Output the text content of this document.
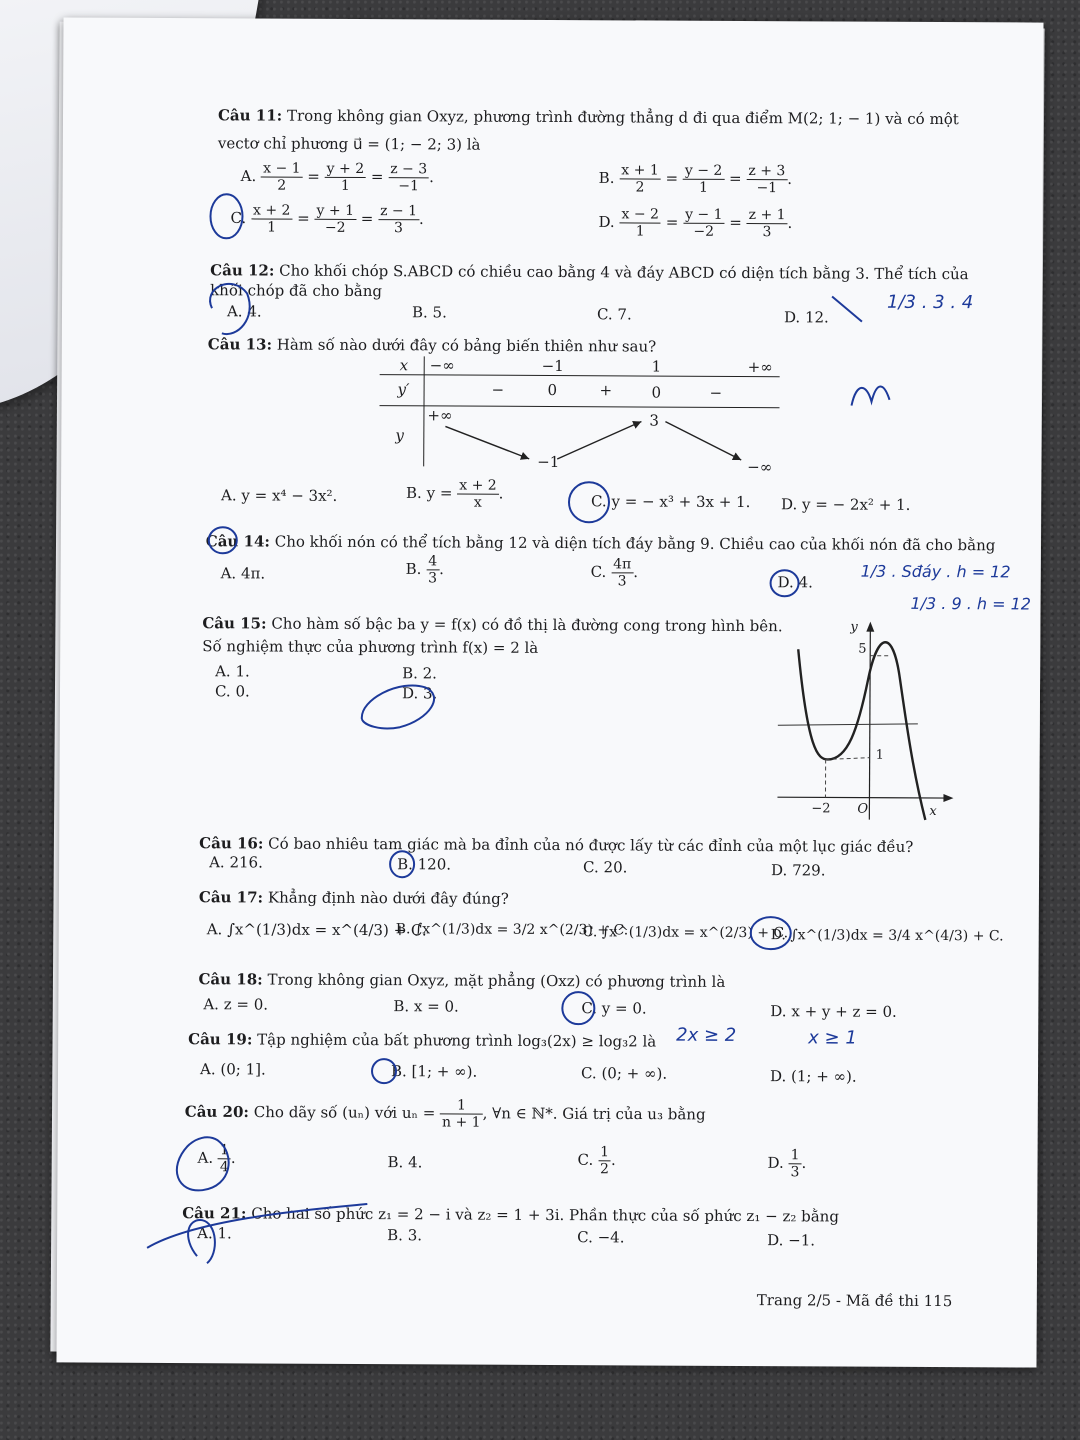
Câu 11: Trong không gian Oxyz, phương trình đường thẳng d đi qua điểm M(2; 1; − 1) và có một
vectơ chỉ phương u⃗ = (1; − 2; 3) là
A. $\frac{x - 1}{2} = \frac{y + 2}{1} = \frac{z - 3}{-1}$ .	B. $\frac{x + 1}{2} = \frac{y - 2}{1} = \frac{z + 3}{-1}$ .
C. $\frac{x + 2}{1} = \frac{y + 1}{-2} = \frac{z - 1}{3}$ .	D. $\frac{x - 2}{1} = \frac{y - 1}{-2} = \frac{z + 1}{3}$ .
Câu 12: Cho khối chóp S.ABCD có chiều cao bằng 4 và đáy ABCD có diện tích bằng 3. Thể tích của
khối chóp đã cho bằng
A. 4.	B. 5.	C. 7.	D. 12.
Câu 13: Hàm số nào dưới đây có bảng biến thiên như sau?
x −∞	−1	1	+∞
y′	−	0	+	0	−
y
+∞	3
−1	−∞
A. y = x⁴ − 3x².	B. $y = \frac{x + 2}{x}$ .	C. y = − x³ + 3x + 1. D. y = − 2x² + 1.
Câu 14: Cho khối nón có thể tích bằng 12 và diện tích đáy bằng 9. Chiều cao của khối nón đã cho bằng
A. 4π.	B. $\frac{4}{3}$ .	C. $\frac{4\pi}{3}$ .
D. 4.
Câu 15: Cho hàm số bậc ba y = f(x) có đồ thị là đường cong trong hình bên.
Số nghiệm thực của phương trình f(x) = 2 là
A. 1.	B. 2.
C. 0.	D. 3.
y
5
1
−2 O	x
Câu 16: Có bao nhiêu tam giác mà ba đỉnh của nó được lấy từ các đỉnh của một lục giác đều?
A. 216.	B. 120.	C. 20.	D. 729.
Câu 17: Khẳng định nào dưới đây đúng?
A. ∫x^(1/3)dx = x^(4/3) + C.
B. ∫x^(1/3)dx = 3/2 x^(2/3) + C.
C. ∫x^(1/3)dx = x^(2/3) + C.
D. ∫x^(1/3)dx = 3/4 x^(4/3) + C.
Câu 18: Trong không gian Oxyz, mặt phẳng (Oxz) có phương trình là
A. z = 0.	B. x = 0.	C. y = 0.	D. x + y + z = 0.
Câu 19: Tập nghiệm của bất phương trình log₃(2x) ≥ log₃2 là
A. (0; 1].	B. [1; + ∞).	C. (0; + ∞).	D. (1; + ∞).
Câu 20: Cho dãy số (uₙ) với $u_n = \frac{1}{n + 1}$ , ∀n ∈ ℕ*. Giá trị của u₃ bằng
A. $\frac{1}{4}$ .	B. 4.	C. $\frac{1}{2}$ .	D. $\frac{1}{3}$ .
Câu 21: Cho hai số phức z₁ = 2 − i và z₂ = 1 + 3i. Phần thực của số phức z₁ − z₂ bằng
A. 1.	B. 3.	C. −4.	D. −1.
Trang 2/5 - Mã đề thi 115
1/3 . 3 . 4
1/3 . Sđáy . h = 12
1/3 . 9 . h = 12
2x ≥ 2	x ≥ 1
